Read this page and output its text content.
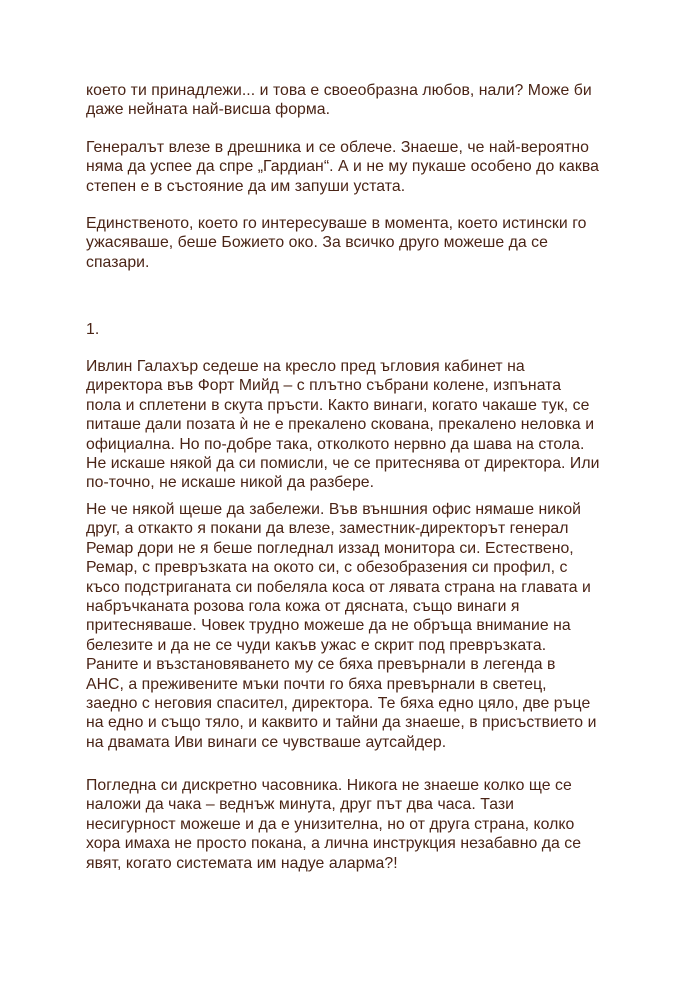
което ти принадлежи... и това е своеобразна любов, нали? Може би
даже нейната най-висша форма.

Генералът влезе в дрешника и се облече. Знаеше, че най-вероятно
няма да успее да спре „Гардиан“. А и не му пукаше особено до каква
степен е в състояние да им запуши устата.

Единственото, което го интересуваше в момента, което истински го
ужасяваше, беше Божието око. За всичко друго можеше да се
спазари.

1.

Ивлин Галахър седеше на кресло пред ъгловия кабинет на
директора във Форт Мийд – с плътно събрани колене, изпъната
пола и сплетени в скута пръсти. Както винаги, когато чакаше тук, се
питаше дали позата ѝ не е прекалено скована, прекалено неловка и
официална. Но по-добре така, отколкото нервно да шава на стола.
Не искаше някой да си помисли, че се притеснява от директора. Или
по-точно, не искаше никой да разбере.

Не че някой щеше да забележи. Във външния офис нямаше никой
друг, а откакто я покани да влезе, заместник-директорът генерал
Ремар дори не я беше погледнал иззад монитора си. Естествено,
Ремар, с превръзката на окото си, с обезобразения си профил, с
късо подстриганата си побеляла коса от лявата страна на главата и
набръчканата розова гола кожа от дясната, също винаги я
притесняваше. Човек трудно можеше да не обръща внимание на
белезите и да не се чуди какъв ужас е скрит под превръзката.
Раните и възстановяването му се бяха превърнали в легенда в
АНС, а преживените мъки почти го бяха превърнали в светец,
заедно с неговия спасител, директора. Те бяха едно цяло, две ръце
на едно и също тяло, и каквито и тайни да знаеше, в присъствието и
на двамата Иви винаги се чувстваше аутсайдер.

Погледна си дискретно часовника. Никога не знаеше колко ще се
наложи да чака – веднъж минута, друг път два часа. Тази
несигурност можеше и да е унизителна, но от друга страна, колко
хора имаха не просто покана, а лична инструкция незабавно да се
явят, когато системата им надуе аларма?!
